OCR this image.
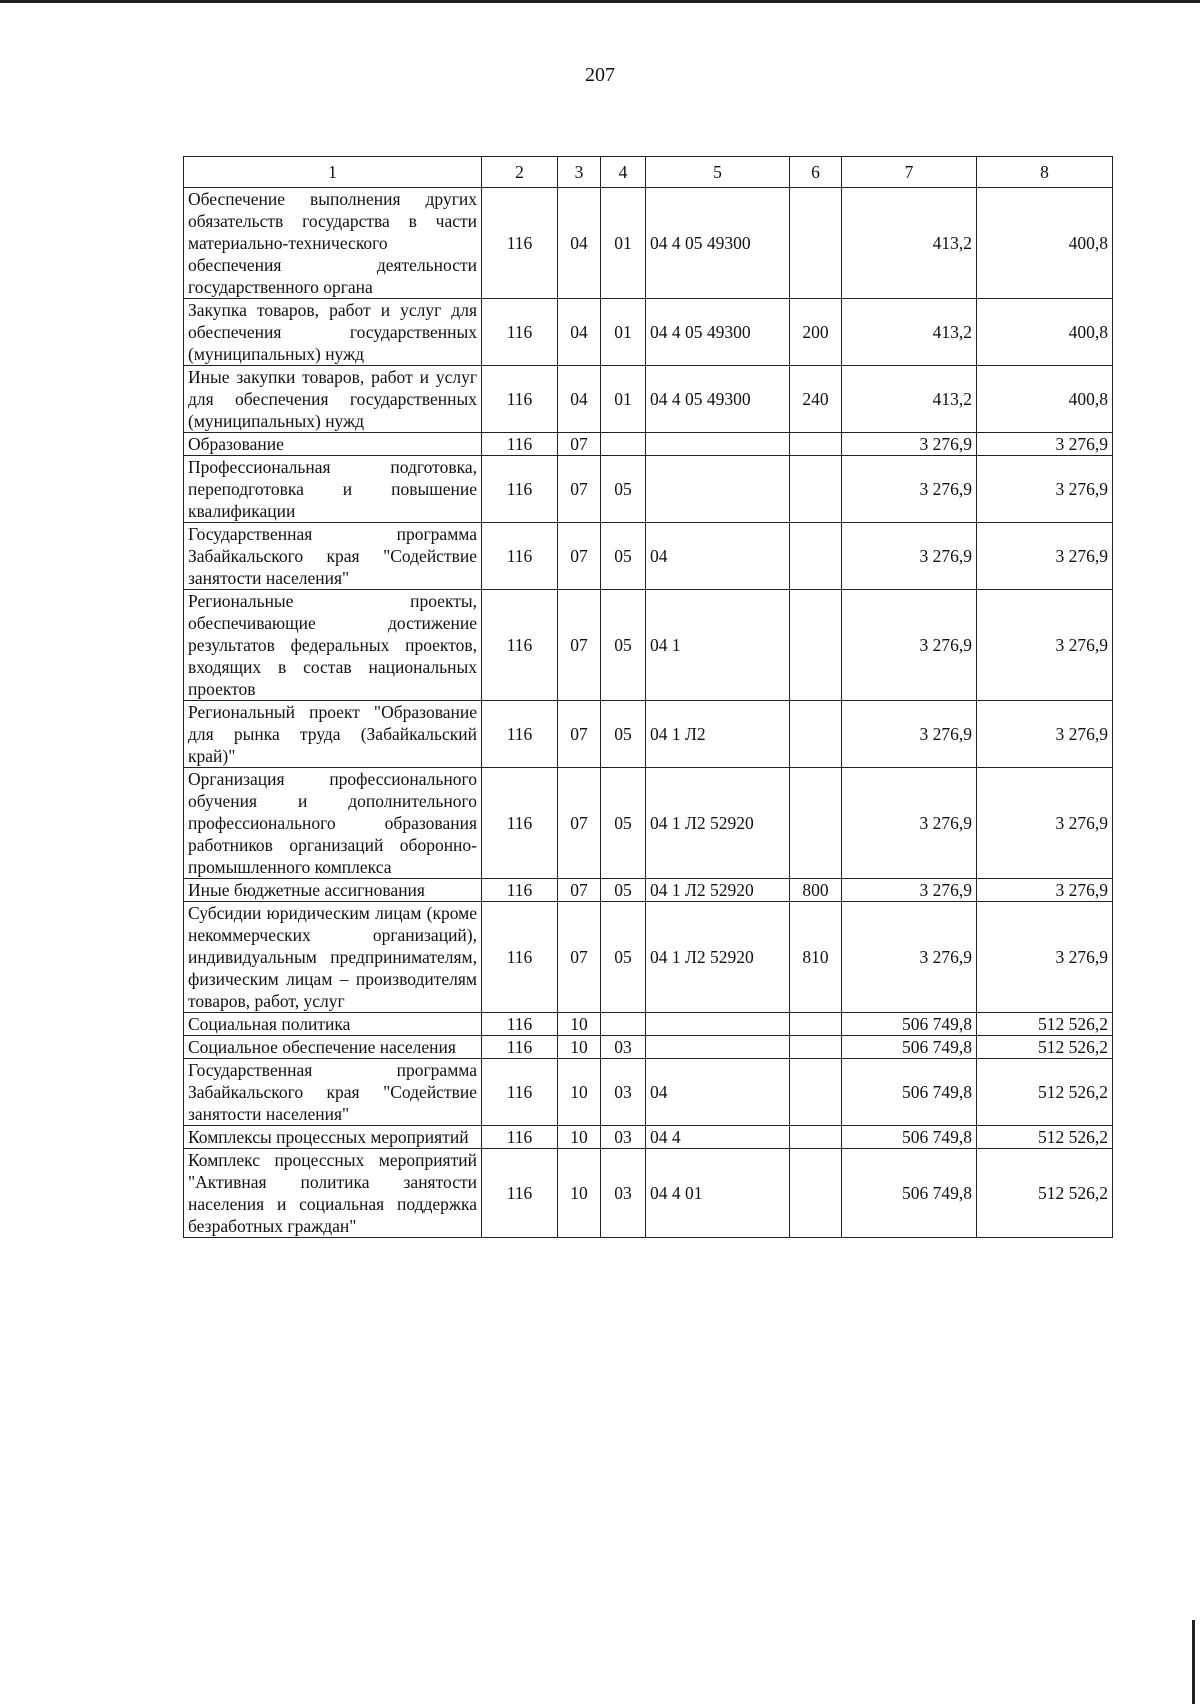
207
1	2	3	4	5	6	7	8
Обеспечение выполнения других обязательств государства в части материально-технического обеспечения деятельности государственного органа	116	04	01	04 4 05 49300		413,2	400,8
Закупка товаров, работ и услуг для обеспечения государственных (муниципальных) нужд	116	04	01	04 4 05 49300	200	413,2	400,8
Иные закупки товаров, работ и услуг для обеспечения государственных (муниципальных) нужд	116	04	01	04 4 05 49300	240	413,2	400,8
Образование	116	07				3 276,9	3 276,9
Профессиональная подготовка, переподготовка и повышение квалификации	116	07	05			3 276,9	3 276,9
Государственная программа Забайкальского края "Содействие занятости населения"	116	07	05	04		3 276,9	3 276,9
Региональные проекты, обеспечивающие достижение результатов федеральных проектов, входящих в состав национальных проектов	116	07	05	04 1		3 276,9	3 276,9
Региональный проект "Образование для рынка труда (Забайкальский край)"	116	07	05	04 1 Л2		3 276,9	3 276,9
Организация профессионального обучения и дополнительного профессионального образования работников организаций оборонно-промышленного комплекса	116	07	05	04 1 Л2 52920		3 276,9	3 276,9
Иные бюджетные ассигнования	116	07	05	04 1 Л2 52920	800	3 276,9	3 276,9
Субсидии юридическим лицам (кроме некоммерческих организаций), индивидуальным предпринимателям, физическим лицам – производителям товаров, работ, услуг	116	07	05	04 1 Л2 52920	810	3 276,9	3 276,9
Социальная политика	116	10				506 749,8	512 526,2
Социальное обеспечение населения	116	10	03			506 749,8	512 526,2
Государственная программа Забайкальского края "Содействие занятости населения"	116	10	03	04		506 749,8	512 526,2
Комплексы процессных мероприятий	116	10	03	04 4		506 749,8	512 526,2
Комплекс процессных мероприятий "Активная политика занятости населения и социальная поддержка безработных граждан"	116	10	03	04 4 01		506 749,8	512 526,2
